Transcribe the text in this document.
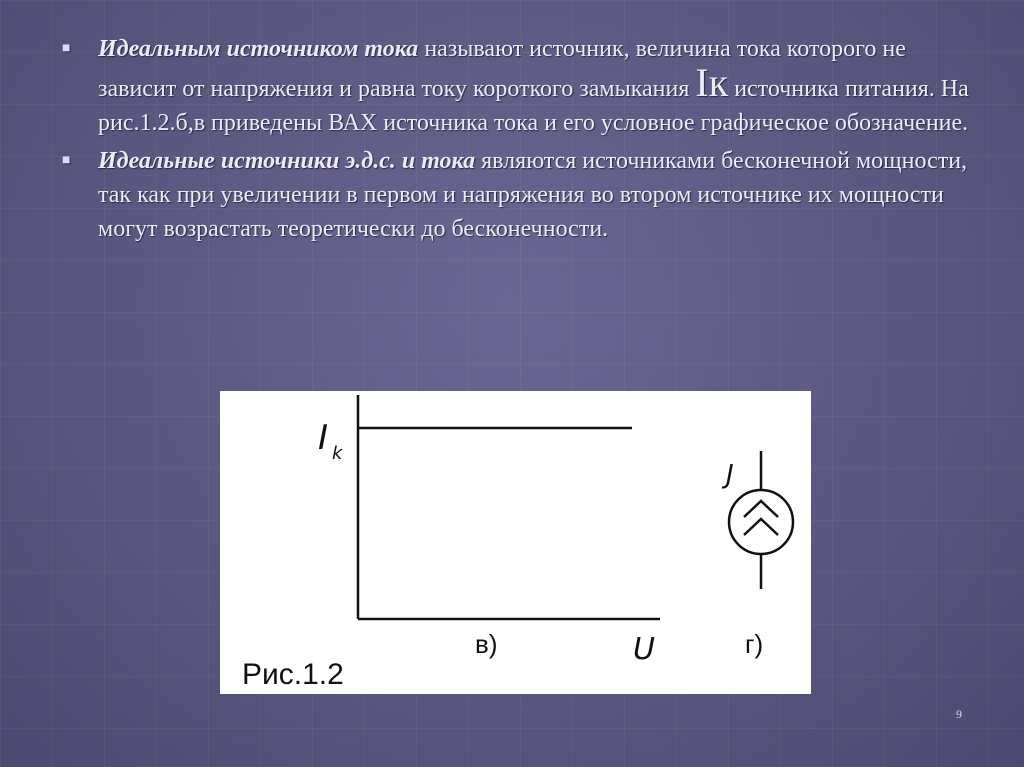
■ Идеальным источником тока называют источник, величина тока которого не зависит от напряжения и равна току короткого замыкания Iк источника питания. На рис.1.2.б,в приведены ВАХ источника тока и его условное графическое обозначение.
■ Идеальные источники э.д.с. и тока являются источниками бесконечной мощности, так как при увеличении в первом и напряжения во втором источнике их мощности могут возрастать теоретически до бесконечности.
I k
U
в)	г)
Рис.1.2
J
9
